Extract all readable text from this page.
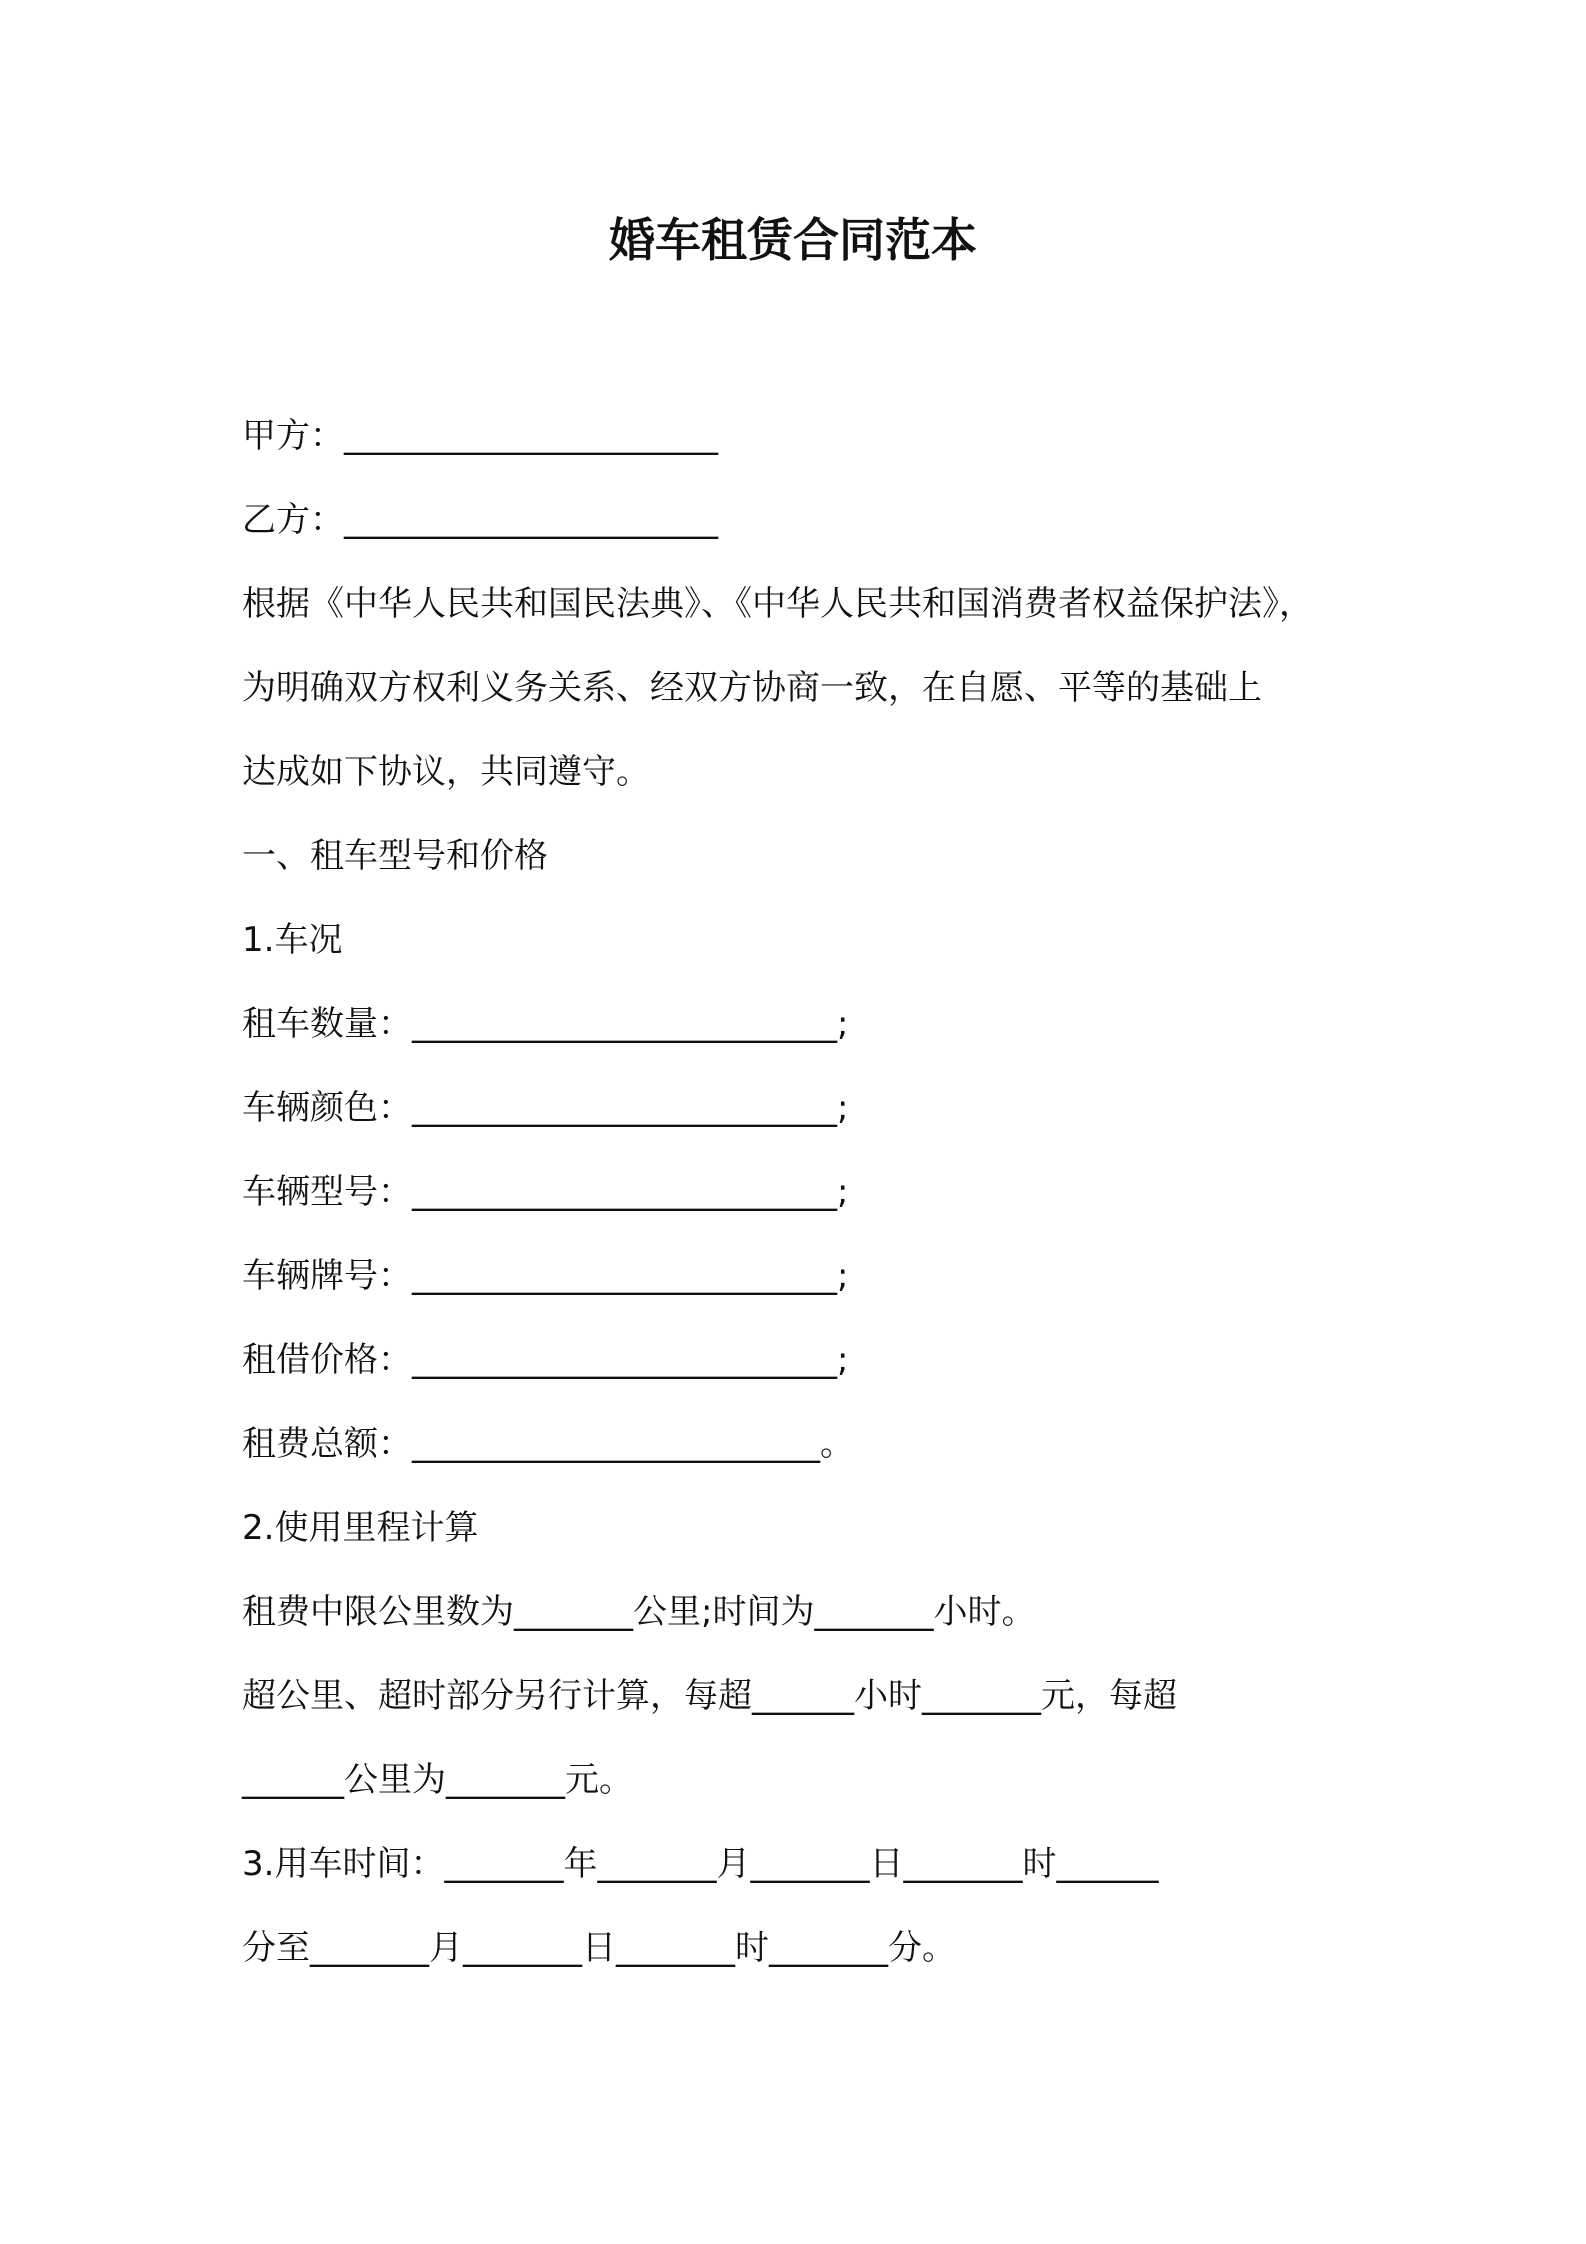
婚车租赁合同范本
甲方：______________________
乙方：______________________
根据《中华人民共和国民法典》、《中华人民共和国消费者权益保护法》，
为明确双方权利义务关系、经双方协商一致，在自愿、平等的基础上
达成如下协议，共同遵守。
一、租车型号和价格
1.车况
租车数量：_________________________;
车辆颜色：_________________________;
车辆型号：_________________________;
车辆牌号：_________________________;
租借价格：_________________________;
租费总额：________________________。
2.使用里程计算
租费中限公里数为_______公里;时间为_______小时。
超公里、超时部分另行计算，每超______小时_______元，每超
______公里为_______元。
3.用车时间：_______年_______月_______日_______时______
分至_______月_______日_______时_______分。
